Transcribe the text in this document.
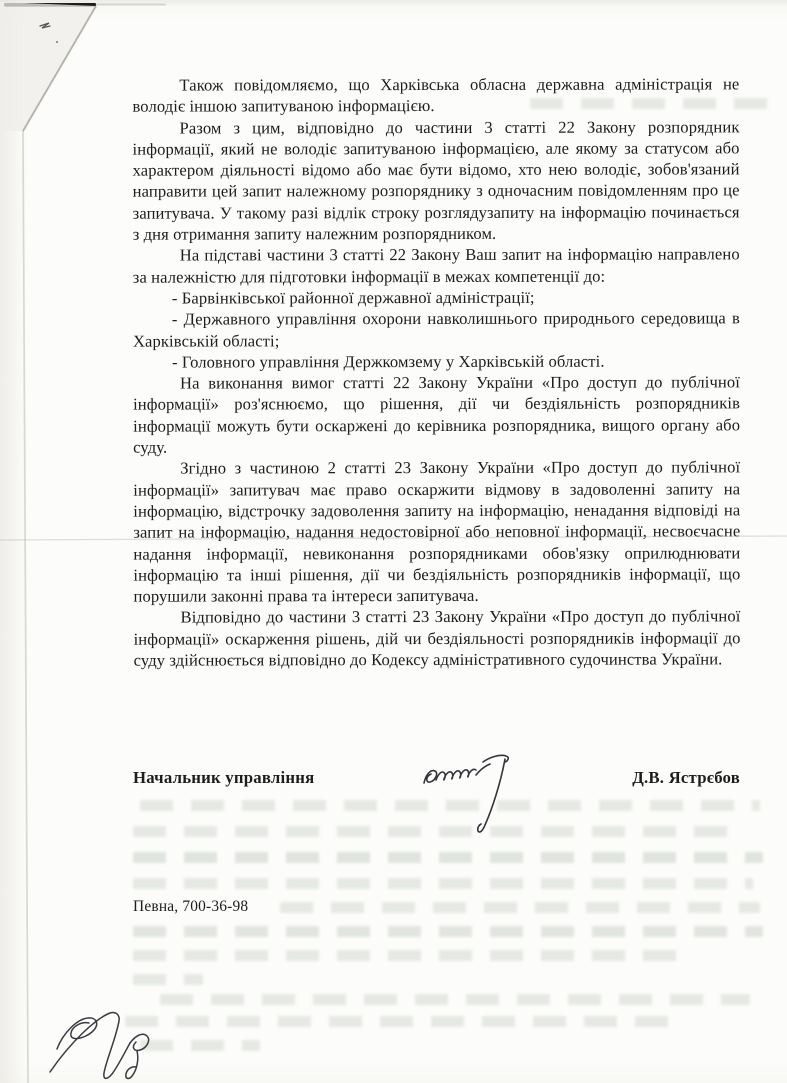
Також повідомляємо, що Харківська обласна державна адміністрація не володіє іншою запитуваною інформацією.

Разом з цим, відповідно до частини 3 статті 22 Закону розпорядник інформації, який не володіє запитуваною інформацією, але якому за статусом або характером діяльності відомо або має бути відомо, хто нею володіє, зобов'язаний направити цей запит належному розпоряднику з одночасним повідомленням про це запитувача. У такому разі відлік строку розглядузапиту на інформацію починається з дня отримання запиту належним розпорядником.

На підставі частини 3 статті 22 Закону Ваш запит на інформацію направлено за належністю для підготовки інформації в межах компетенції до:

- Барвінківської районної державної адміністрації;

- Державного управління охорони навколишнього природнього середовища в Харківській області;

- Головного управління Держкомзему у Харківській області.

На виконання вимог статті 22 Закону України «Про доступ до публічної інформації» роз'яснюємо, що рішення, дії чи бездіяльність розпорядників інформації можуть бути оскаржені до керівника розпорядника, вищого органу або суду.

Згідно з частиною 2 статті 23 Закону України «Про доступ до публічної інформації» запитувач має право оскаржити відмову в задоволенні запиту на інформацію, відстрочку задоволення запиту на інформацію, ненадання відповіді на запит на інформацію, надання недостовірної або неповної інформації, несвоєчасне надання інформації, невиконання розпорядниками обов'язку оприлюднювати інформацію та інші рішення, дії чи бездіяльність розпорядників інформації, що порушили законні права та інтереси запитувача.

Відповідно до частини 3 статті 23 Закону України «Про доступ до публічної інформації» оскарження рішень, дій чи бездіяльності розпорядників інформації до суду здійснюється відповідно до Кодексу адміністративного судочинства України.

Начальник управління	Д.В. Ястрєбов
Певна, 700-36-98
